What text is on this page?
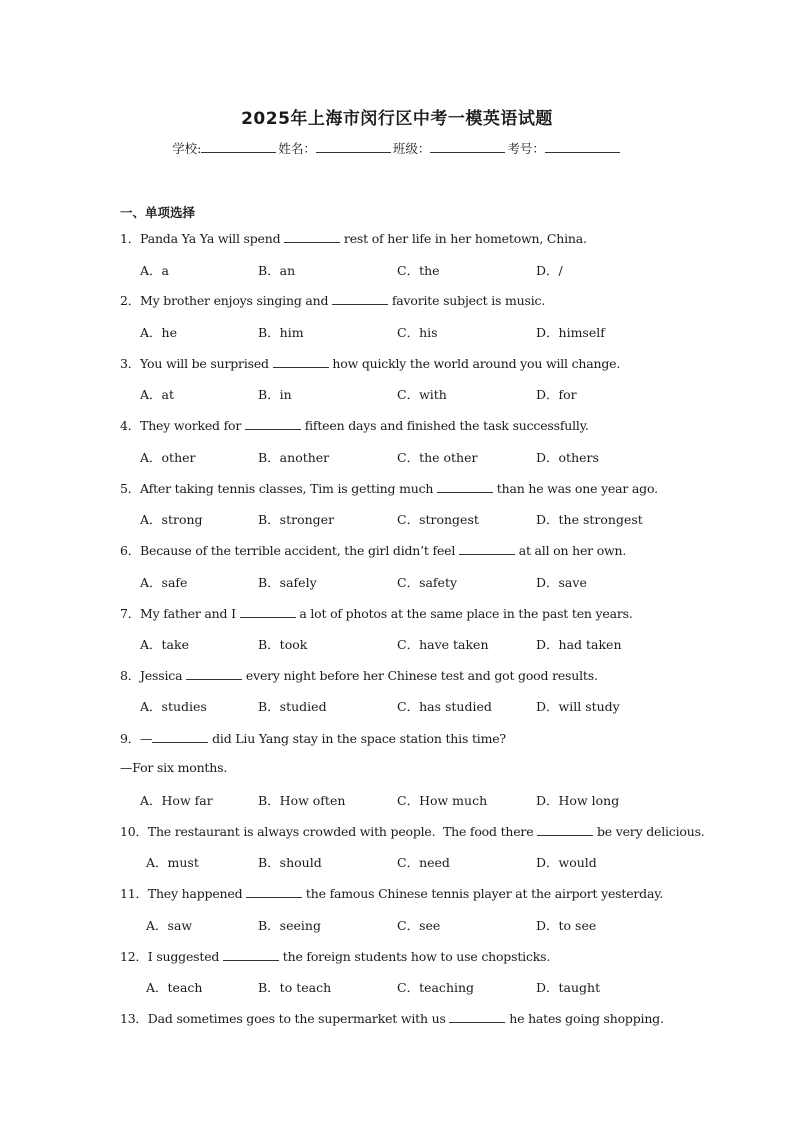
2025年上海市闵行区中考一模英语试题
学校:	姓名：	班级：	考号：
一、单项选择
1．Panda Ya Ya will spend	rest of her life in her hometown, China.
A．a	B．an	C．the	D．/
2．My brother enjoys singing and	favorite subject is music.
A．he	B．him	C．his	D．himself
3．You will be surprised	how quickly the world around you will change.
A．at	B．in	C．with	D．for
4．They worked for	fifteen days and finished the task successfully.
A．other	B．another	C．the other	D．others
5．After taking tennis classes, Tim is getting much	than he was one year ago.
A．strong	B．stronger	C．strongest	D．the strongest
6．Because of the terrible accident, the girl didn’t feel	at all on her own.
A．safe	B．safely	C．safety	D．save
7．My father and I	a lot of photos at the same place in the past ten years.
A．take	B．took	C．have taken	D．had taken
8．Jessica	every night before her Chinese test and got good results.
A．studies	B．studied	C．has studied	D．will study
9．—	did Liu Yang stay in the space station this time?
—For six months.
A．How far	B．How often	C．How much	D．How long
10．The restaurant is always crowded with people.  The food there	be very delicious.
A．must	B．should	C．need	D．would
11．They happened	the famous Chinese tennis player at the airport yesterday.
A．saw	B．seeing	C．see	D．to see
12．I suggested	the foreign students how to use chopsticks.
A．teach	B．to teach	C．teaching	D．taught
13．Dad sometimes goes to the supermarket with us	he hates going shopping.
